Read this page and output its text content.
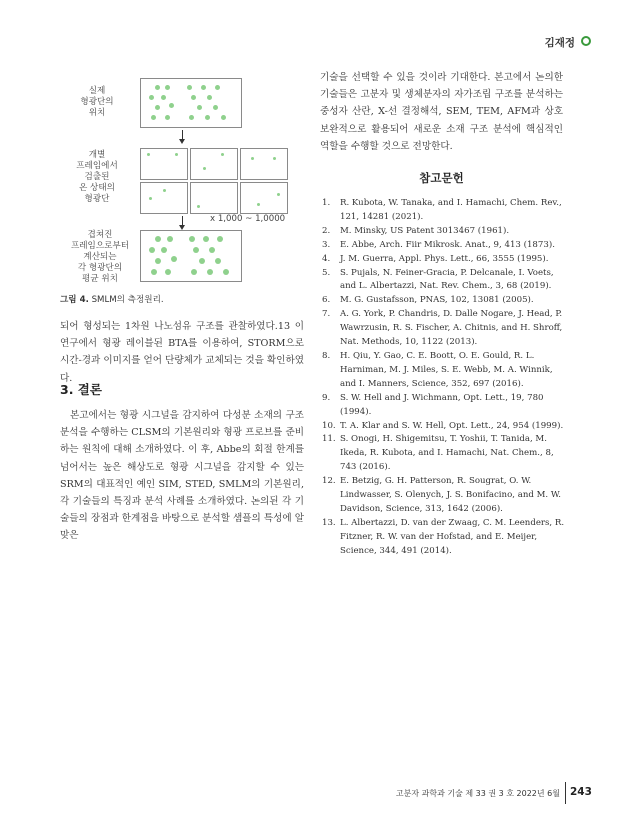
김재정
실제
형광단의
위치
개별
프레임에서
검출된
온 상태의
형광단
x 1,000 ~ 1,0000
겹쳐진
프레임으로부터
계산되는
각 형광단의
평균 위치
그림 4. SMLM의 측정원리.
되어 형성되는 1차원 나노섬유 구조를 관찰하였다.13 이 연구에서 형광 레이블된 BTA를 이용하여, STORM으로 시간-경과 이미지를 얻어 단량체가 교체되는 것을 확인하였다.
3. 결론
본고에서는 형광 시그널을 감지하여 다성분 소재의 구조 분석을 수행하는 CLSM의 기본원리와 형광 프로브를 준비하는 원칙에 대해 소개하였다. 이 후, Abbe의 회절 한계를 넘어서는 높은 해상도로 형광 시그널을 감지할 수 있는 SRM의 대표적인 예인 SIM, STED, SMLM의 기본원리, 각 기술들의 특징과 분석 사례를 소개하였다. 논의된 각 기술들의 장점과 한계점을 바탕으로 분석할 샘플의 특성에 알맞은
기술을 선택할 수 있을 것이라 기대한다. 본고에서 논의한 기술들은 고분자 및 생체분자의 자가조립 구조를 분석하는 중성자 산란, X-선 결정해석, SEM, TEM, AFM과 상호보완적으로 활용되어 새로운 소재 구조 분석에 핵심적인 역할을 수행할 것으로 전망한다.
참고문헌
1. R. Kubota, W. Tanaka, and I. Hamachi, Chem. Rev., 121, 14281 (2021).
2. M. Minsky, US Patent 3013467 (1961).
3. E. Abbe, Arch. Fiir Mikrosk. Anat., 9, 413 (1873).
4. J. M. Guerra, Appl. Phys. Lett., 66, 3555 (1995).
5. S. Pujals, N. Feiner-Gracia, P. Delcanale, I. Voets, and L. Albertazzi, Nat. Rev. Chem., 3, 68 (2019).
6. M. G. Gustafsson, PNAS, 102, 13081 (2005).
7. A. G. York, P. Chandris, D. Dalle Nogare, J. Head, P. Wawrzusin, R. S. Fischer, A. Chitnis, and H. Shroff, Nat. Methods, 10, 1122 (2013).
8. H. Qiu, Y. Gao, C. E. Boott, O. E. Gould, R. L. Harniman, M. J. Miles, S. E. Webb, M. A. Winnik, and I. Manners, Science, 352, 697 (2016).
9. S. W. Hell and J. Wichmann, Opt. Lett., 19, 780 (1994).
10. T. A. Klar and S. W. Hell, Opt. Lett., 24, 954 (1999).
11. S. Onogi, H. Shigemitsu, T. Yoshii, T. Tanida, M. Ikeda, R. Kubota, and I. Hamachi, Nat. Chem., 8, 743 (2016).
12. E. Betzig, G. H. Patterson, R. Sougrat, O. W. Lindwasser, S. Olenych, J. S. Bonifacino, and M. W. Davidson, Science, 313, 1642 (2006).
13. L. Albertazzi, D. van der Zwaag, C. M. Leenders, R. Fitzner, R. W. van der Hofstad, and E. Meijer, Science, 344, 491 (2014).
고분자 과학과 기술 제 33 권 3 호 2022년 6월 243
